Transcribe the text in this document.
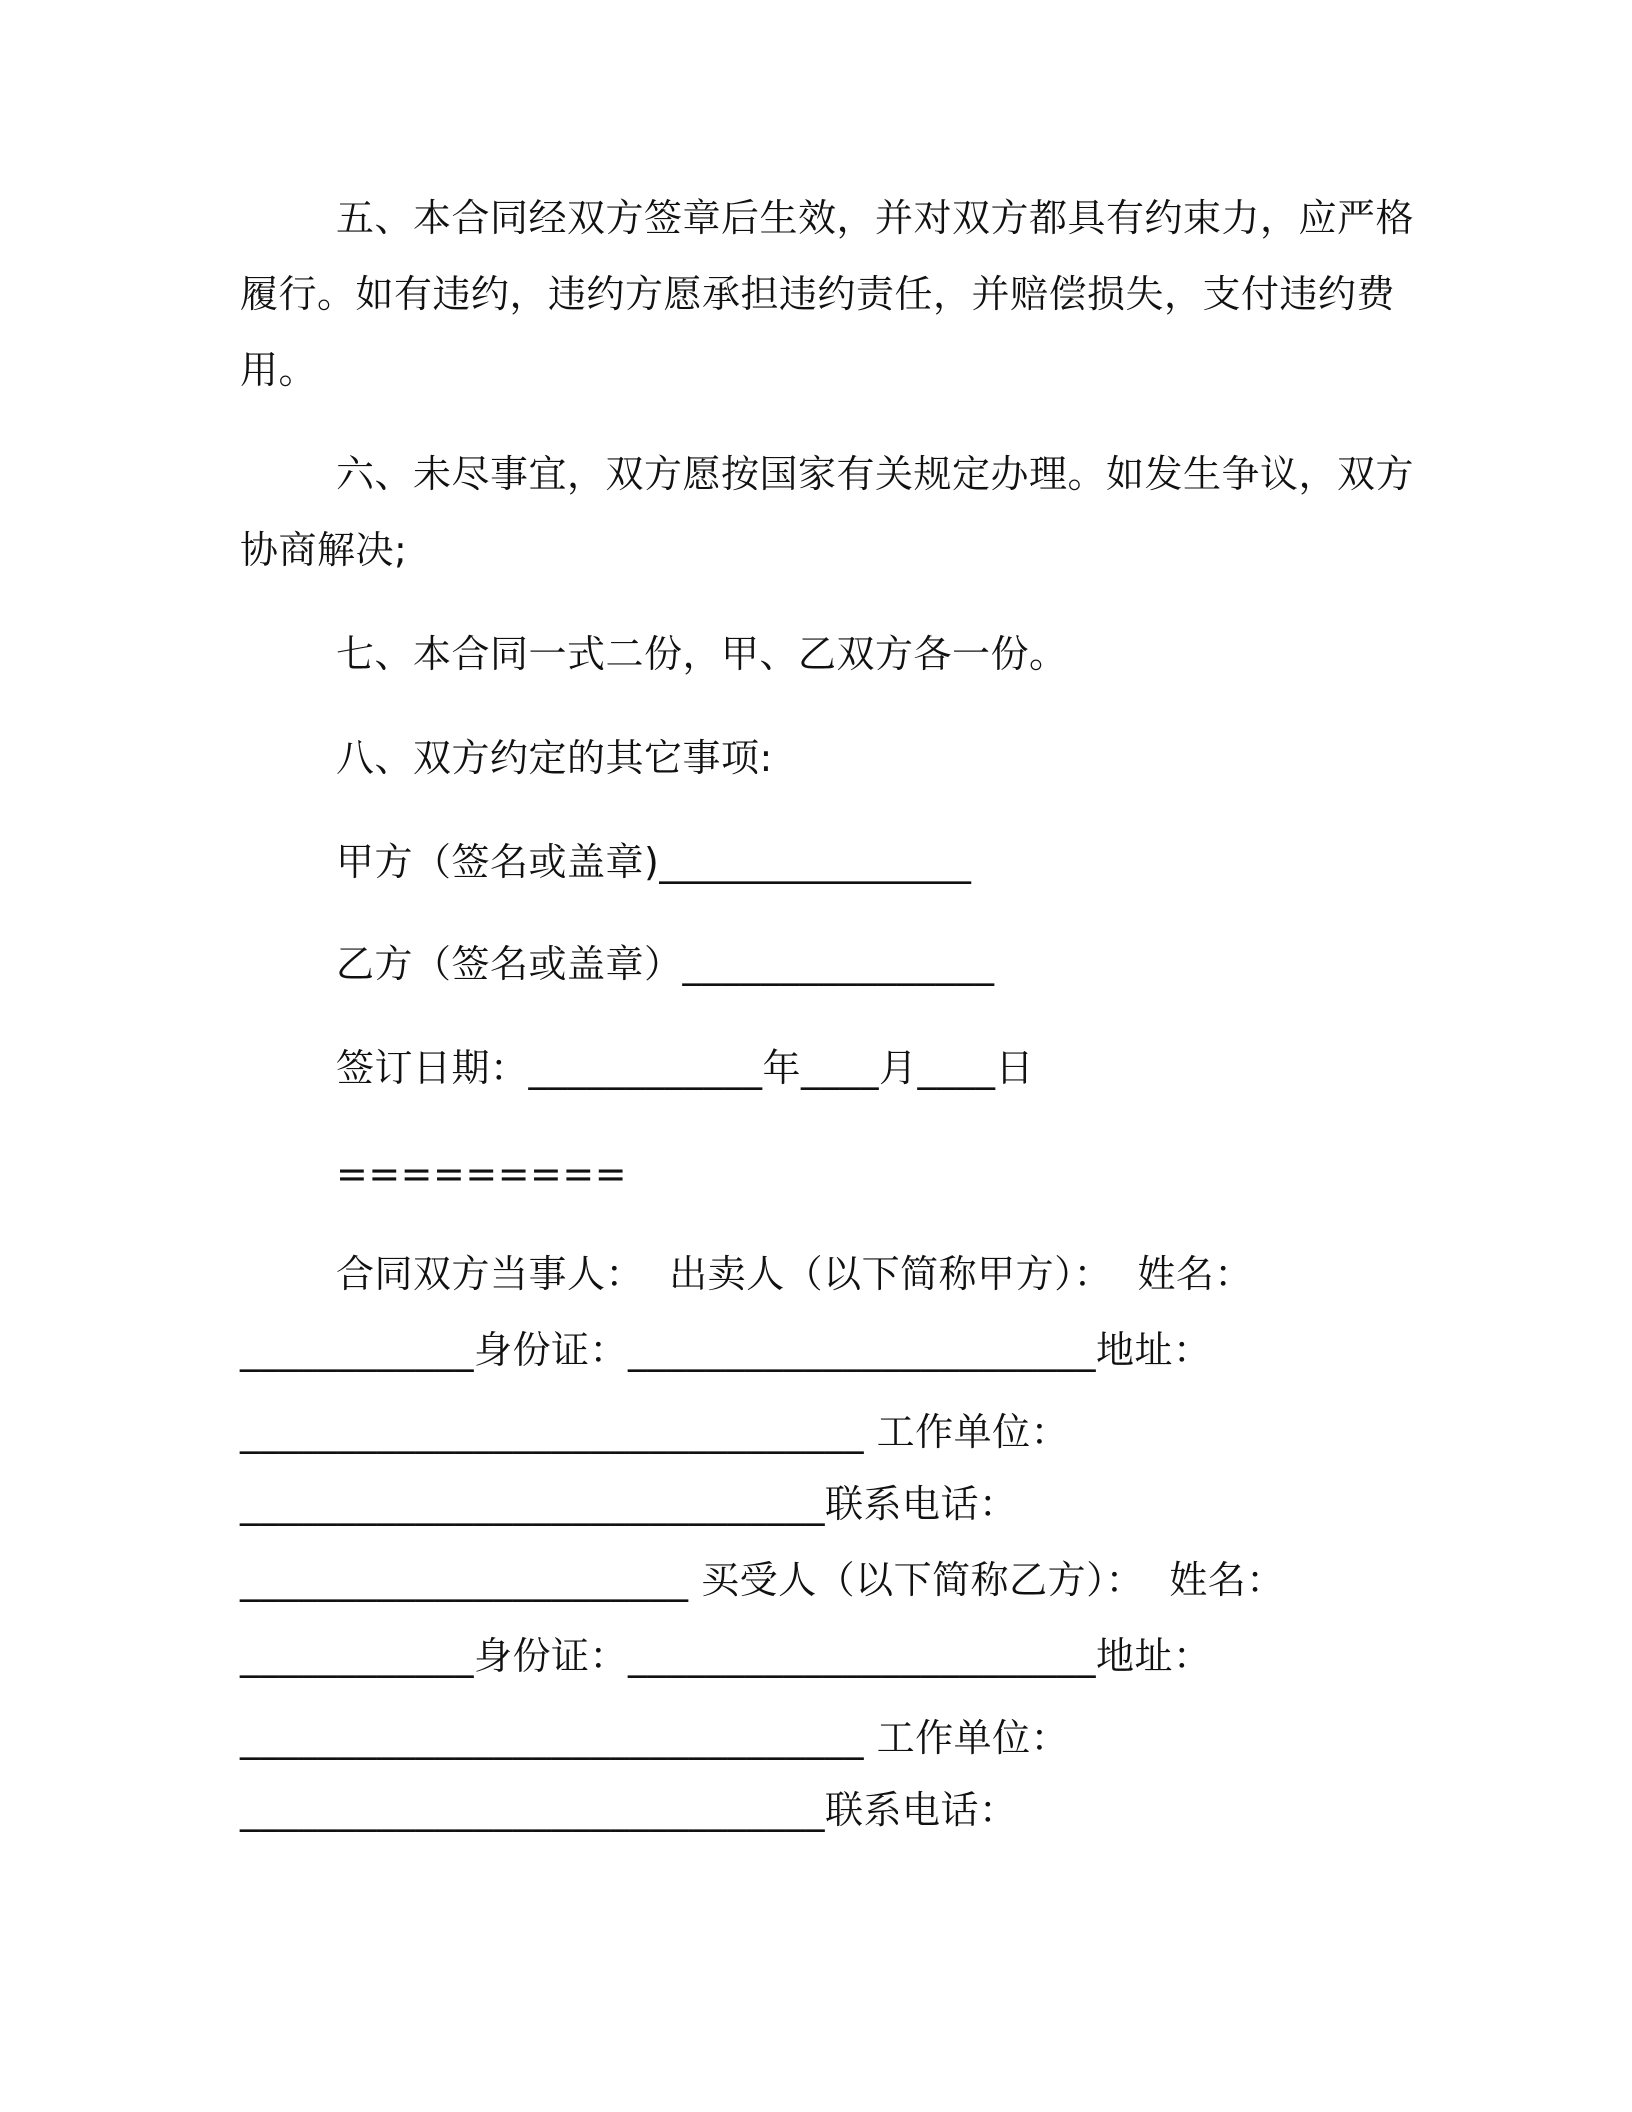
五、本合同经双方签章后生效，并对双方都具有约束力，应严格
履行。如有违约，违约方愿承担违约责任，并赔偿损失，支付违约费
用。
六、未尽事宜，双方愿按国家有关规定办理。如发生争议，双方
协商解决;
七、本合同一式二份，甲、乙双方各一份。
八、双方约定的其它事项:
甲方（签名或盖章)________________
乙方（签名或盖章）________________
签订日期：____________年____月____日
=========
合同双方当事人：  出卖人（以下简称甲方）：  姓名：
____________身份证：________________________地址：
________________________________ 工作单位：
______________________________联系电话：
_______________________ 买受人（以下简称乙方）：  姓名：
____________身份证：________________________地址：
________________________________ 工作单位：
______________________________联系电话：
